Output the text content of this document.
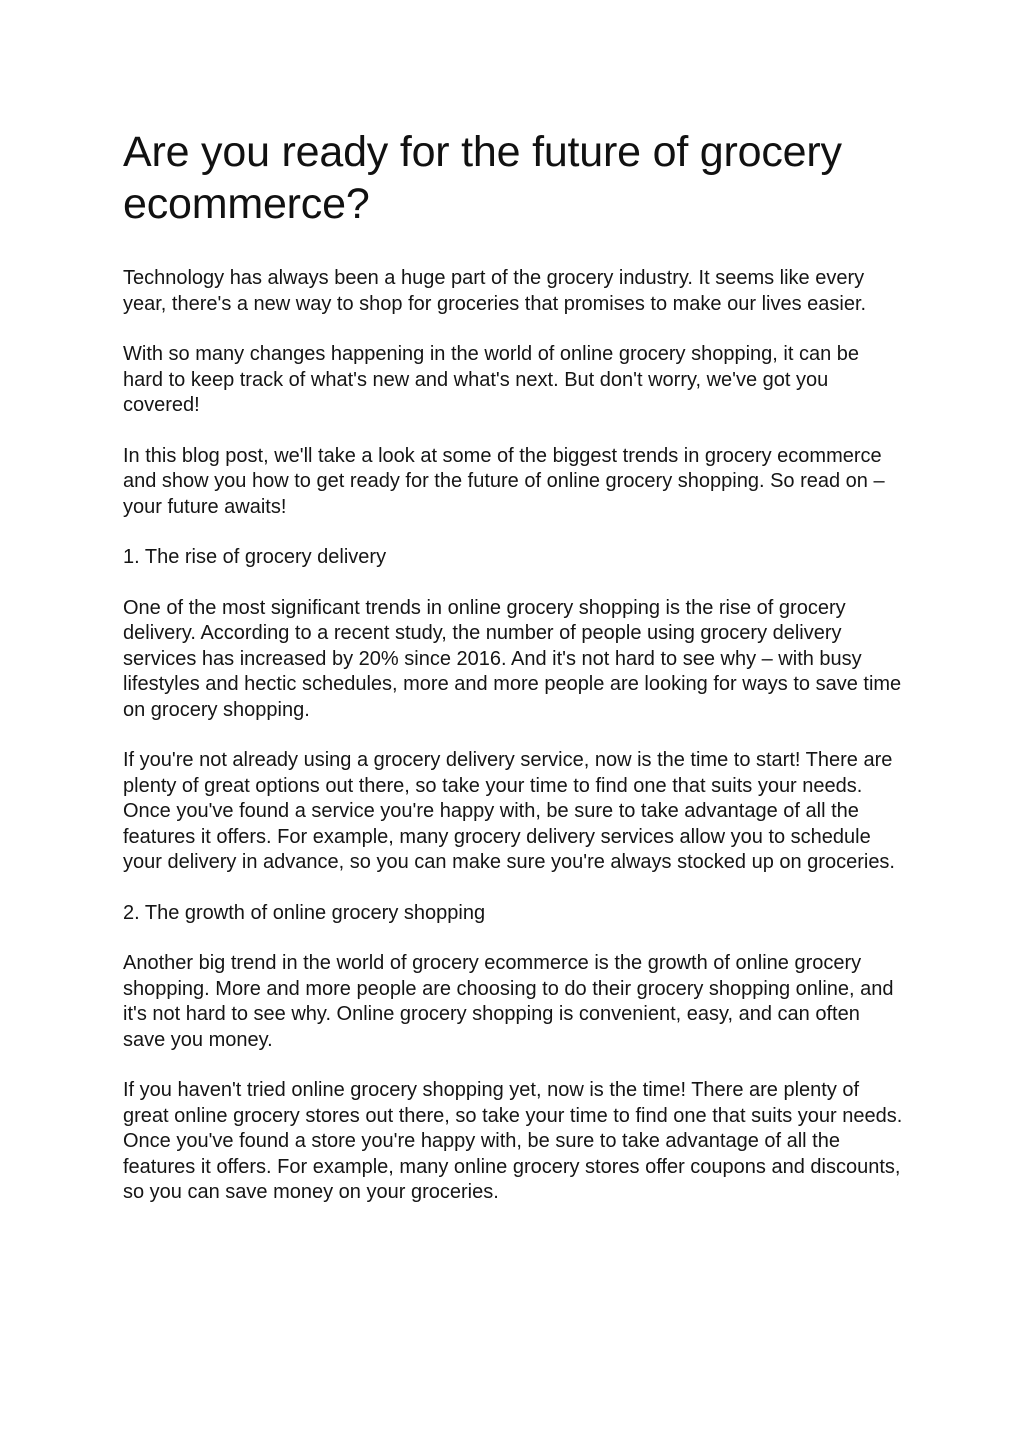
Are you ready for the future of grocery ecommerce?

Technology has always been a huge part of the grocery industry. It seems like every year, there's a new way to shop for groceries that promises to make our lives easier.

With so many changes happening in the world of online grocery shopping, it can be hard to keep track of what's new and what's next. But don't worry, we've got you covered!

In this blog post, we'll take a look at some of the biggest trends in grocery ecommerce and show you how to get ready for the future of online grocery shopping. So read on – your future awaits!

1. The rise of grocery delivery

One of the most significant trends in online grocery shopping is the rise of grocery delivery. According to a recent study, the number of people using grocery delivery services has increased by 20% since 2016. And it's not hard to see why – with busy lifestyles and hectic schedules, more and more people are looking for ways to save time on grocery shopping.

If you're not already using a grocery delivery service, now is the time to start! There are plenty of great options out there, so take your time to find one that suits your needs. Once you've found a service you're happy with, be sure to take advantage of all the features it offers. For example, many grocery delivery services allow you to schedule your delivery in advance, so you can make sure you're always stocked up on groceries.

2. The growth of online grocery shopping

Another big trend in the world of grocery ecommerce is the growth of online grocery shopping. More and more people are choosing to do their grocery shopping online, and it's not hard to see why. Online grocery shopping is convenient, easy, and can often save you money.

If you haven't tried online grocery shopping yet, now is the time! There are plenty of great online grocery stores out there, so take your time to find one that suits your needs. Once you've found a store you're happy with, be sure to take advantage of all the features it offers. For example, many online grocery stores offer coupons and discounts, so you can save money on your groceries.
